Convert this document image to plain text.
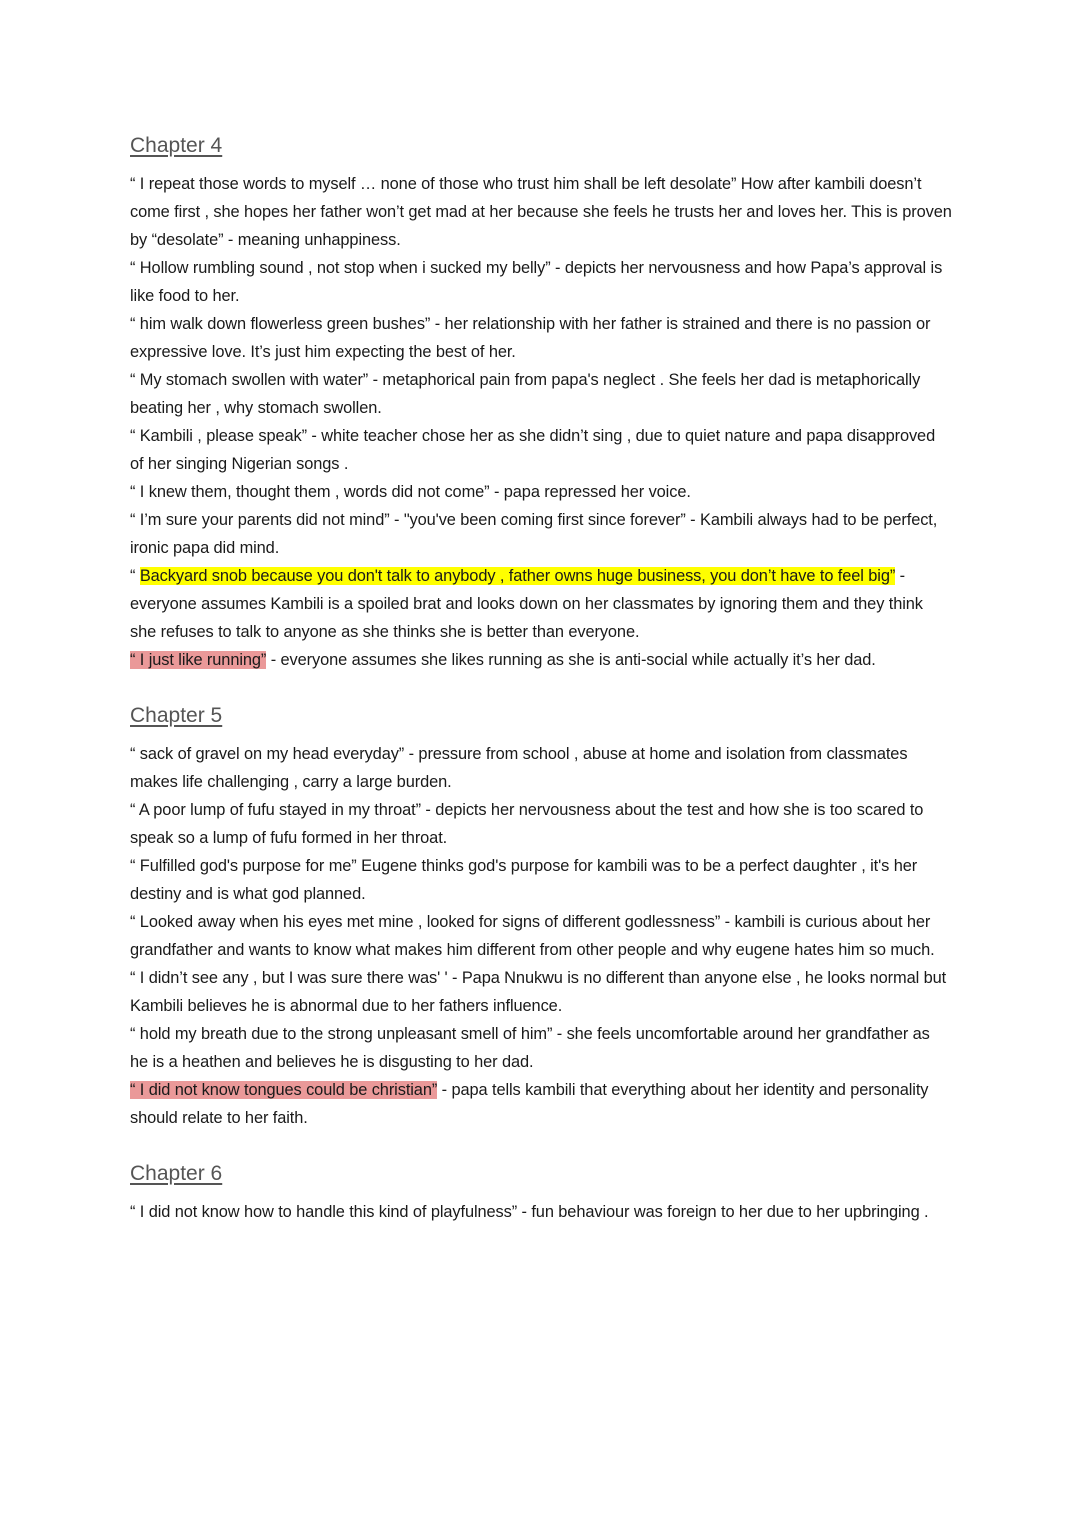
Chapter 4

“ I repeat those words to myself … none of those who trust him shall be left desolate” How after kambili doesn’t come first , she hopes her father won’t get mad at her because she feels he trusts her and loves her. This is proven by “desolate” - meaning unhappiness.

“ Hollow rumbling sound , not stop when i sucked my belly” - depicts her nervousness and how Papa’s approval is like food to her.

“ him walk down flowerless green bushes” - her relationship with her father is strained and there is no passion or expressive love. It’s just him expecting the best of her.

“ My stomach swollen with water” - metaphorical pain from papa's neglect . She feels her dad is metaphorically beating her , why stomach swollen.

“ Kambili , please speak” - white teacher chose her as she didn’t sing , due to quiet nature and papa disapproved of her singing Nigerian songs .

“ I knew them, thought them , words did not come” - papa repressed her voice.

“ I’m sure your parents did not mind” - "you've been coming first since forever” - Kambili always had to be perfect, ironic papa did mind.

“ Backyard snob because you don't talk to anybody , father owns huge business, you don’t have to feel big” - everyone assumes Kambili is a spoiled brat and looks down on her classmates by ignoring them and they think she refuses to talk to anyone as she thinks she is better than everyone.

“ I just like running” - everyone assumes she likes running as she is anti-social while actually it’s her dad.

Chapter 5

“ sack of gravel on my head everyday” - pressure from school , abuse at home and isolation from classmates makes life challenging , carry a large burden.

“ A poor lump of fufu stayed in my throat” - depicts her nervousness about the test and how she is too scared to speak so a lump of fufu formed in her throat.

“ Fulfilled god's purpose for me” Eugene thinks god's purpose for kambili was to be a perfect daughter , it's her destiny and is what god planned.

“ Looked away when his eyes met mine , looked for signs of different godlessness” - kambili is curious about her grandfather and wants to know what makes him different from other people and why eugene hates him so much.

“ I didn’t see any , but I was sure there was' ' - Papa Nnukwu is no different than anyone else , he looks normal but Kambili believes he is abnormal due to her fathers influence.

“ hold my breath due to the strong unpleasant smell of him” - she feels uncomfortable around her grandfather as he is a heathen and believes he is disgusting to her dad.

“ I did not know tongues could be christian” - papa tells kambili that everything about her identity and personality should relate to her faith.

Chapter 6

“ I did not know how to handle this kind of playfulness” - fun behaviour was foreign to her due to her upbringing .
